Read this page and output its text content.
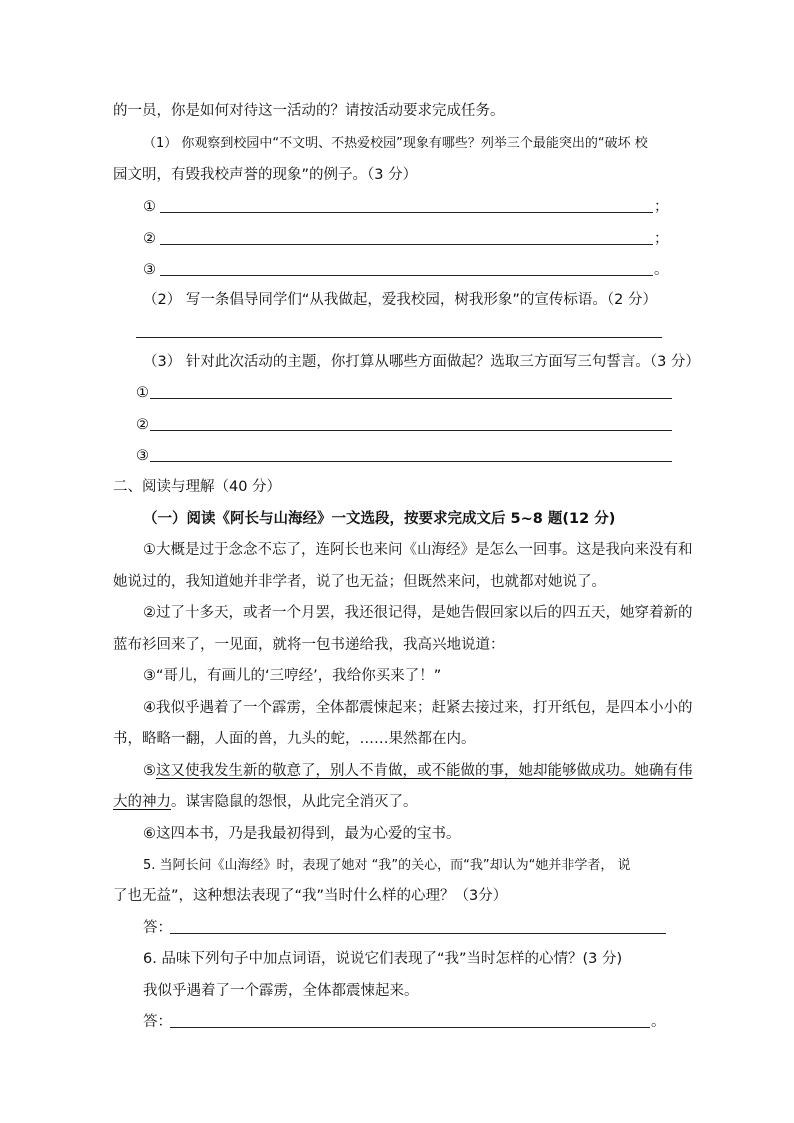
的一员，你是如何对待这一活动的？请按活动要求完成任务。
（1） 你观察到校园中“不文明、不热爱校园”现象有哪些？列举三个最能突出的“破坏 校
园文明，有毁我校声誉的现象”的例子。（3 分）
①	；
②	；
③	。
（2） 写一条倡导同学们“从我做起，爱我校园，树我形象”的宣传标语。（2 分）
（3） 针对此次活动的主题，你打算从哪些方面做起？选取三方面写三句誓言。（3 分）
①
②
③
二、阅读与理解（40 分）
（一）阅读《阿长与山海经》一文选段，按要求完成文后 5~8 题(12 分)
①大概是过于念念不忘了，连阿长也来问《山海经》是怎么一回事。这是我向来没有和
她说过的，我知道她并非学者，说了也无益；但既然来问，也就都对她说了。
②过了十多天，或者一个月罢，我还很记得，是她告假回家以后的四五天，她穿着新的
蓝布衫回来了，一见面，就将一包书递给我，我高兴地说道：
③“哥儿，有画儿的‘三哼经’，我给你买来了！”
④我似乎遇着了一个霹雳，全体都震悚起来；赶紧去接过来，打开纸包，是四本小小的
书，略略一翻，人面的兽，九头的蛇，……果然都在内。
⑤这又使我发生新的敬意了，别人不肯做，或不能做的事，她却能够做成功。她确有伟
大的神力。谋害隐鼠的怨恨，从此完全消灭了。
⑥这四本书，乃是我最初得到，最为心爱的宝书。
5. 当阿长问《山海经》时，表现了她对 “我”的关心，而“我”却认为“她并非学者， 说
了也无益”，这种想法表现了“我”当时什么样的心理？（3分）
答：
6. 品味下列句子中加点词语，说说它们表现了“我”当时怎样的心情？(3 分)
我似乎遇着了一个霹雳，全体都震悚起来。
答：	。
